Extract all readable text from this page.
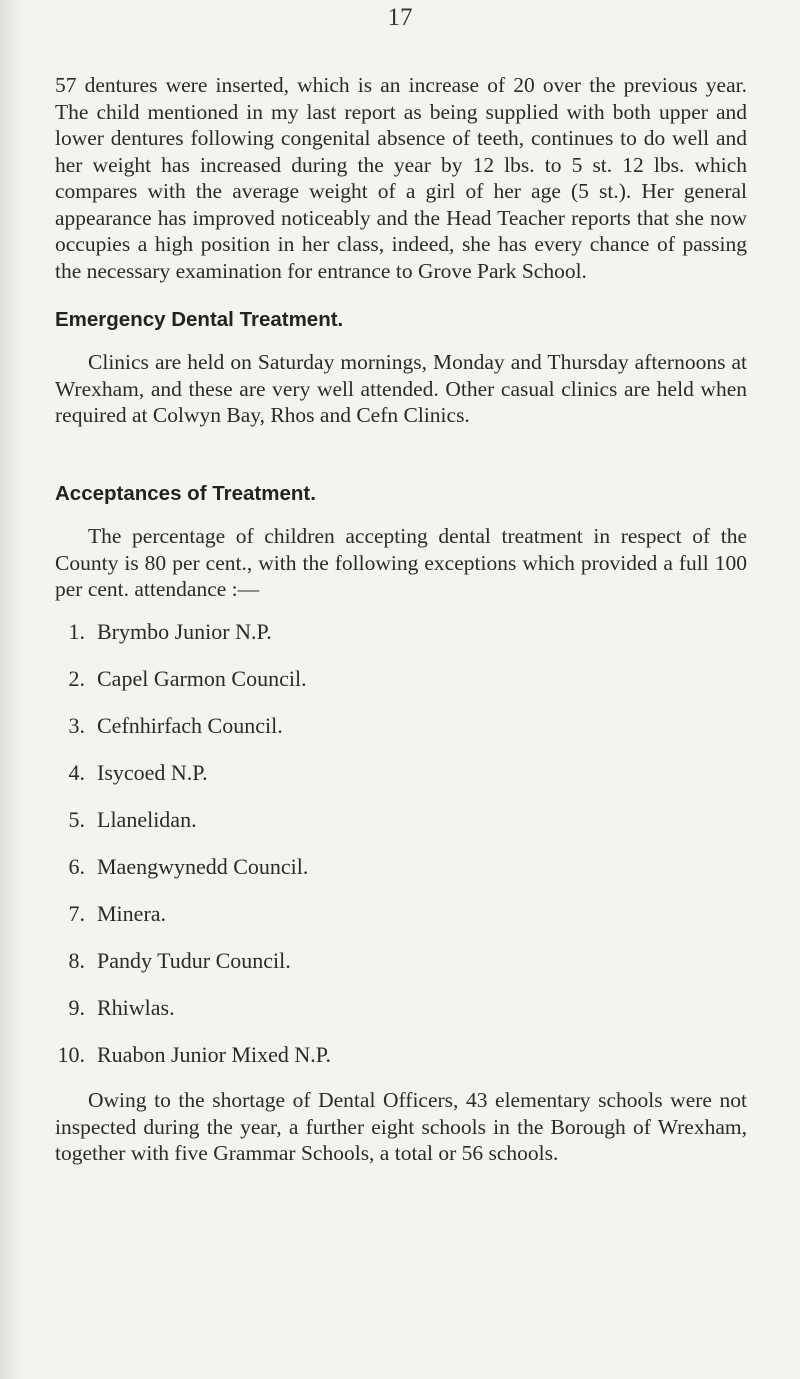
17

57 dentures were inserted, which is an increase of 20 over the previous year. The child mentioned in my last report as being supplied with both upper and lower dentures following congenital absence of teeth, continues to do well and her weight has increased during the year by 12 lbs. to 5 st. 12 lbs. which compares with the average weight of a girl of her age (5 st.). Her general appearance has improved noticeably and the Head Teacher reports that she now occupies a high position in her class, indeed, she has every chance of passing the necessary examination for entrance to Grove Park School.

Emergency Dental Treatment.

Clinics are held on Saturday mornings, Monday and Thursday afternoons at Wrexham, and these are very well attended. Other casual clinics are held when required at Colwyn Bay, Rhos and Cefn Clinics.

Acceptances of Treatment.

The percentage of children accepting dental treatment in respect of the County is 80 per cent., with the following exceptions which provided a full 100 per cent. attendance :—

1. Brymbo Junior N.P.
2. Capel Garmon Council.
3. Cefnhirfach Council.
4. Isycoed N.P.
5. Llanelidan.
6. Maengwynedd Council.
7. Minera.
8. Pandy Tudur Council.
9. Rhiwlas.
10. Ruabon Junior Mixed N.P.

Owing to the shortage of Dental Officers, 43 elementary schools were not inspected during the year, a further eight schools in the Borough of Wrexham, together with five Grammar Schools, a total or 56 schools.
